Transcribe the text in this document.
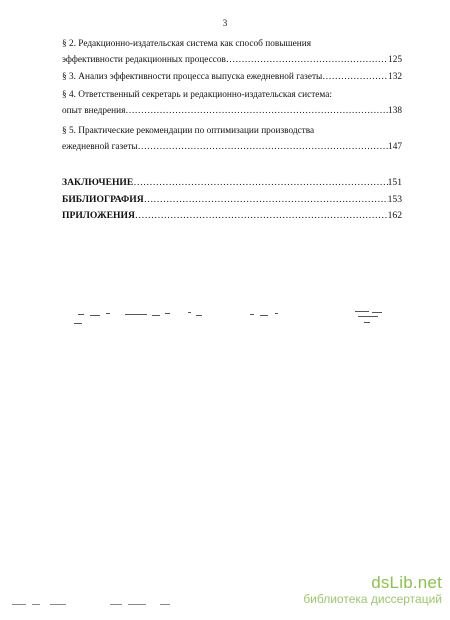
3
§ 2. Редакционно-издательская система как способ повышения
эффективности редакционных процессов …………………………………………………………………………………………………………	125
§ 3. Анализ эффективности процесса выпуска ежедневной газеты …………………………………………………………………………………………………………	132
§ 4. Ответственный секретарь и редакционно-издательская система:
опыт внедрения …………………………………………………………………………………………………………	138
§ 5. Практические рекомендации по оптимизации производства
ежедневной газеты …………………………………………………………………………………………………………	147
ЗАКЛЮЧЕНИЕ …………………………………………………………………………………………………………	151
БИБЛИОГРАФИЯ …………………………………………………………………………………………………………	153
ПРИЛОЖЕНИЯ …………………………………………………………………………………………………………	162
dsLib.net
библиотека диссертаций
